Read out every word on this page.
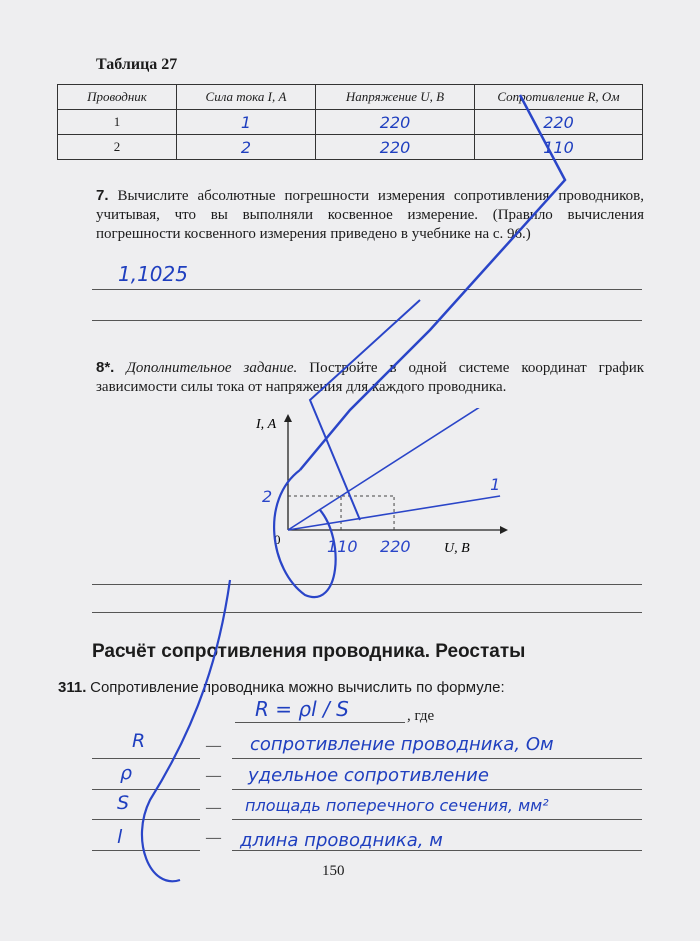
Таблица 27
Проводник	Сила тока I, А	Напряжение U, В	Сопротивление R, Ом
1	1	220	220
2	2	220	110
7. Вычислите абсолютные погрешности измерения сопротивления проводников, учитывая, что вы выполняли косвенное измерение. (Правило вычисления погрешности косвенного измерения приведено в учебнике на с. 96.)
1,1025
8*. Дополнительное задание. Постройте в одной системе координат график зависимости силы тока от напряжения для каждого проводника.
I, А
U, В
0
1
110 220
2
Расчёт сопротивления проводника. Реостаты
311. Сопротивление проводника можно вычислить по формуле:
R = ρl / S	, где
R	— сопротивление проводника, Ом
ρ	— удельное сопротивление
S	— площадь поперечного сечения, мм²
l	— длина проводника, м
150
